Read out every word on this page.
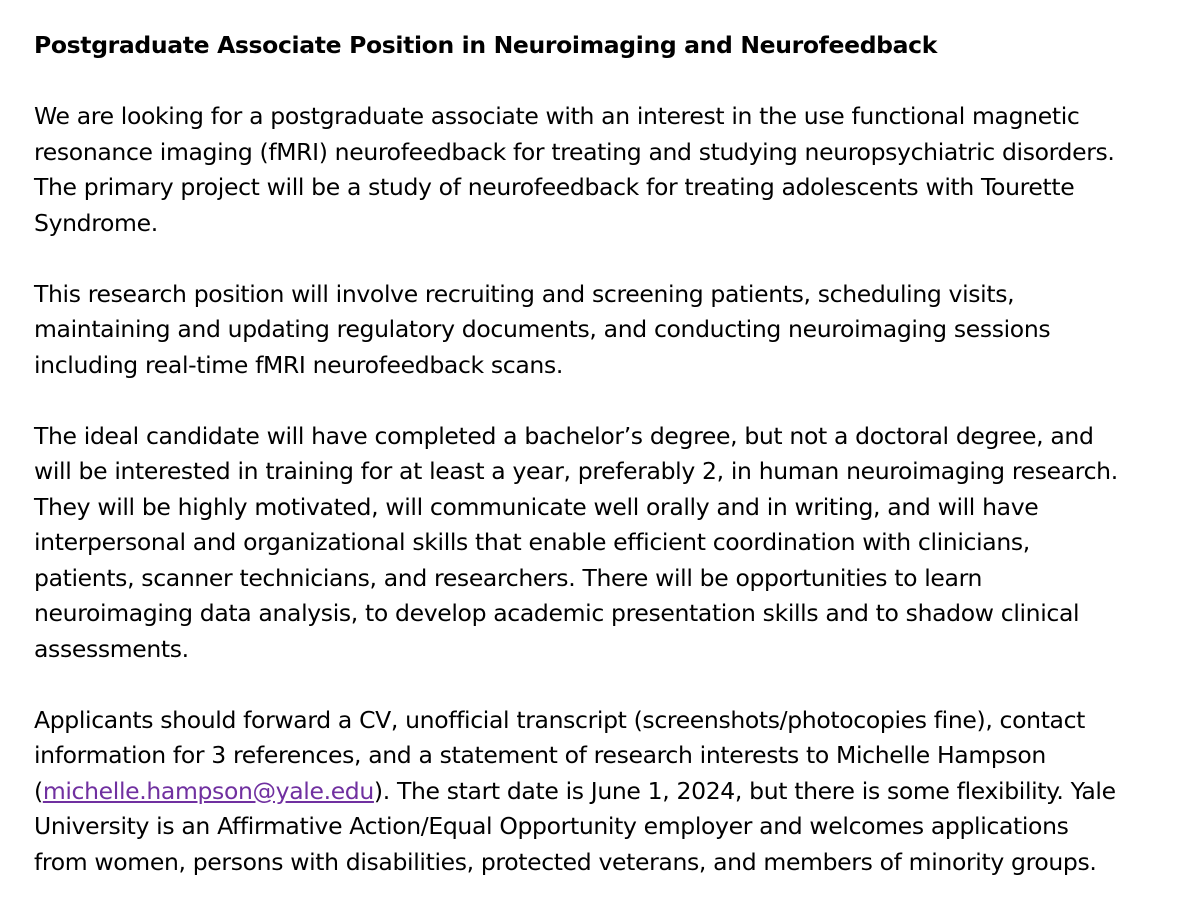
Postgraduate Associate Position in Neuroimaging and Neurofeedback
We are looking for a postgraduate associate with an interest in the use functional magnetic
resonance imaging (fMRI) neurofeedback for treating and studying neuropsychiatric disorders.
The primary project will be a study of neurofeedback for treating adolescents with Tourette
Syndrome.
This research position will involve recruiting and screening patients, scheduling visits,
maintaining and updating regulatory documents, and conducting neuroimaging sessions
including real-time fMRI neurofeedback scans.
The ideal candidate will have completed a bachelor’s degree, but not a doctoral degree, and
will be interested in training for at least a year, preferably 2, in human neuroimaging research.
They will be highly motivated, will communicate well orally and in writing, and will have
interpersonal and organizational skills that enable efficient coordination with clinicians,
patients, scanner technicians, and researchers. There will be opportunities to learn
neuroimaging data analysis, to develop academic presentation skills and to shadow clinical
assessments.
Applicants should forward a CV, unofficial transcript (screenshots/photocopies fine), contact
information for 3 references, and a statement of research interests to Michelle Hampson
(michelle.hampson@yale.edu). The start date is June 1, 2024, but there is some flexibility. Yale
University is an Affirmative Action/Equal Opportunity employer and welcomes applications
from women, persons with disabilities, protected veterans, and members of minority groups.
